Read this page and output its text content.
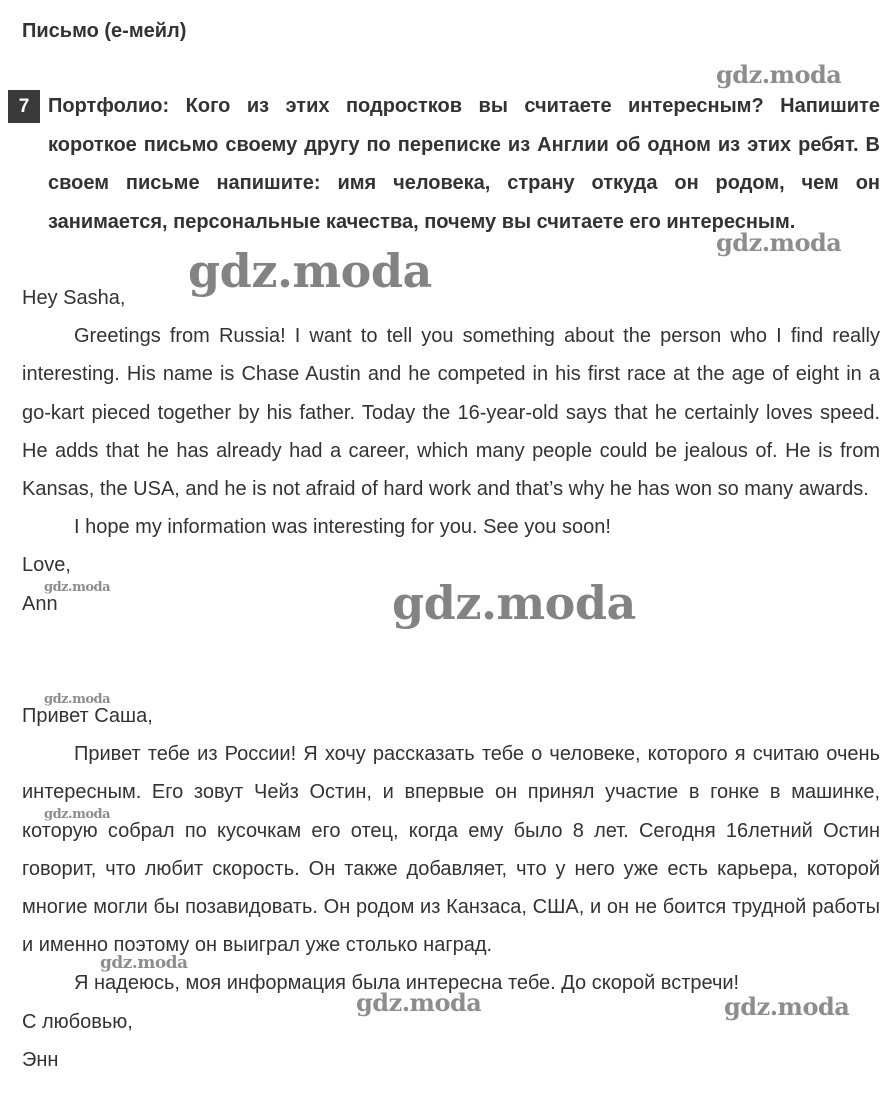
Письмо (е-мейл)
7 Портфолио: Кого из этих подростков вы считаете интересным? Напишите короткое письмо своему другу по переписке из Англии об одном из этих ребят. В своем письме напишите: имя человека, страну откуда он родом, чем он занимается, персональные качества, почему вы считаете его интересным.

Hey Sasha,

Greetings from Russia! I want to tell you something about the person who I find really interesting. His name is Chase Austin and he competed in his first race at the age of eight in a go-kart pieced together by his father. Today the 16-year-old says that he certainly loves speed. He adds that he has already had a career, which many people could be jealous of. He is from Kansas, the USA, and he is not afraid of hard work and that’s why he has won so many awards.

I hope my information was interesting for you. See you soon!

Love,

Ann

Привет Саша,

Привет тебе из России! Я хочу рассказать тебе о человеке, которого я считаю очень интересным. Его зовут Чейз Остин, и впервые он принял участие в гонке в машинке, которую собрал по кусочкам его отец, когда ему было 8 лет. Сегодня 16летний Остин говорит, что любит скорость. Он также добавляет, что у него уже есть карьера, которой многие могли бы позавидовать. Он родом из Канзаса, США, и он не боится трудной работы и именно поэтому он выиграл уже столько наград.

Я надеюсь, моя информация была интересна тебе. До скорой встречи!

С любовью,

Энн

gdz.moda
gdz.moda
gdz.moda
gdz.moda	gdz.moda
gdz.moda
gdz.moda
gdz.moda
gdz.moda	gdz.moda
